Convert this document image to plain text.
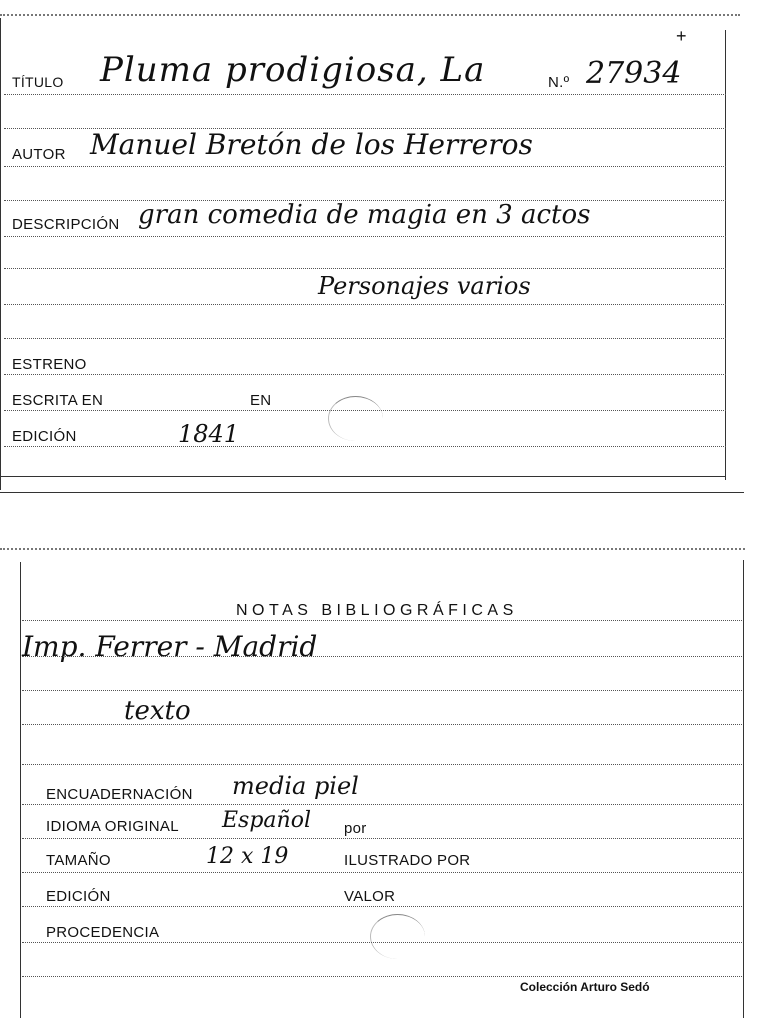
+
TÍTULO Pluma prodigiosa, La	N.º 27934
AUTOR Manuel Bretón de los Herreros
DESCRIPCIÓN gran comedia de magia en 3 actos
Personajes varios
ESTRENO
ESCRITA EN	EN
EDICIÓN	1841
NOTAS BIBLIOGRÁFICAS
Imp. Ferrer - Madrid
texto
ENCUADERNACIÓN media piel
IDIOMA ORIGINAL Español por
TAMAÑO	12 x 19	ILUSTRADO POR
EDICIÓN	VALOR
PROCEDENCIA
Colección Arturo Sedó
